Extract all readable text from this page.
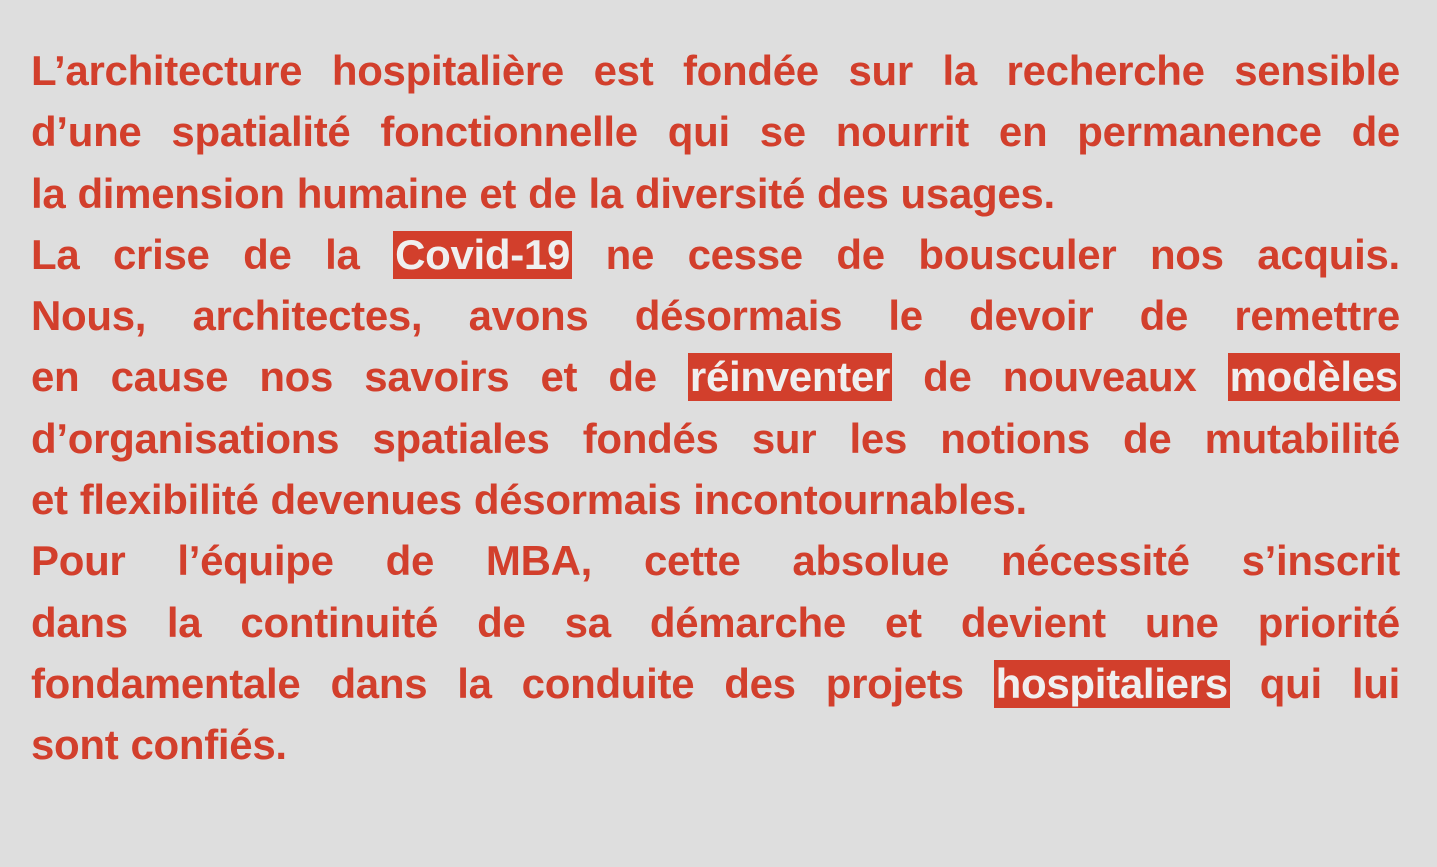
L’architecture hospitalière est fondée sur la recherche sensible
d’une spatialité fonctionnelle qui se nourrit en permanence de
la dimension humaine et de la diversité des usages.
La crise de la Covid-19 ne cesse de bousculer nos acquis.
Nous, architectes, avons désormais le devoir de remettre
en cause nos savoirs et de réinventer de nouveaux modèles
d’organisations spatiales fondés sur les notions de mutabilité
et flexibilité devenues désormais incontournables.
Pour l’équipe de MBA, cette absolue nécessité s’inscrit
dans la continuité de sa démarche et devient une priorité
fondamentale dans la conduite des projets hospitaliers qui lui
sont confiés.
